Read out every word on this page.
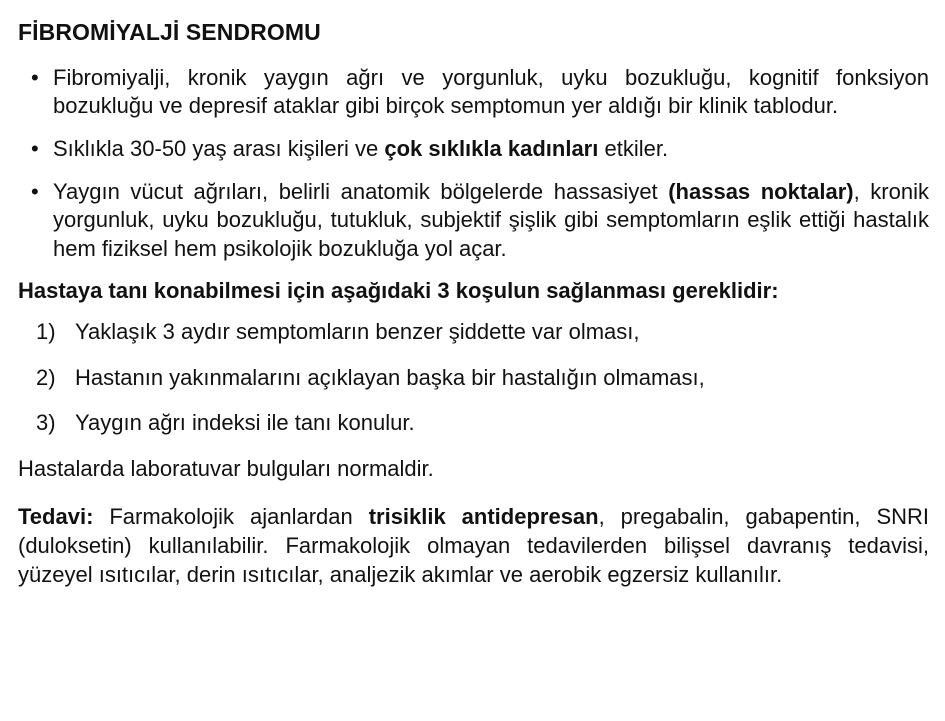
FİBROMİYALJİ SENDROMU
• Fibromiyalji, kronik yaygın ağrı ve yorgunluk, uyku bozukluğu, kognitif fonksiyon bozukluğu ve depresif ataklar gibi birçok semptomun yer aldığı bir klinik tablodur.
• Sıklıkla 30-50 yaş arası kişileri ve çok sıklıkla kadınları etkiler.
• Yaygın vücut ağrıları, belirli anatomik bölgelerde hassasiyet (hassas noktalar), kronik yorgunluk, uyku bozukluğu, tutukluk, subjektif şişlik gibi semptomların eşlik ettiği hastalık hem fiziksel hem psikolojik bozukluğa yol açar.

Hastaya tanı konabilmesi için aşağıdaki 3 koşulun sağlanması gereklidir:

1) Yaklaşık 3 aydır semptomların benzer şiddette var olması,
2) Hastanın yakınmalarını açıklayan başka bir hastalığın olmaması,
3) Yaygın ağrı indeksi ile tanı konulur.

Hastalarda laboratuvar bulguları normaldir.

Tedavi: Farmakolojik ajanlardan trisiklik antidepresan, pregabalin, gabapentin, SNRI (duloksetin) kullanılabilir. Farmakolojik olmayan tedavilerden bilişsel davranış tedavisi, yüzeyel ısıtıcılar, derin ısıtıcılar, analjezik akımlar ve aerobik egzersiz kullanılır.
